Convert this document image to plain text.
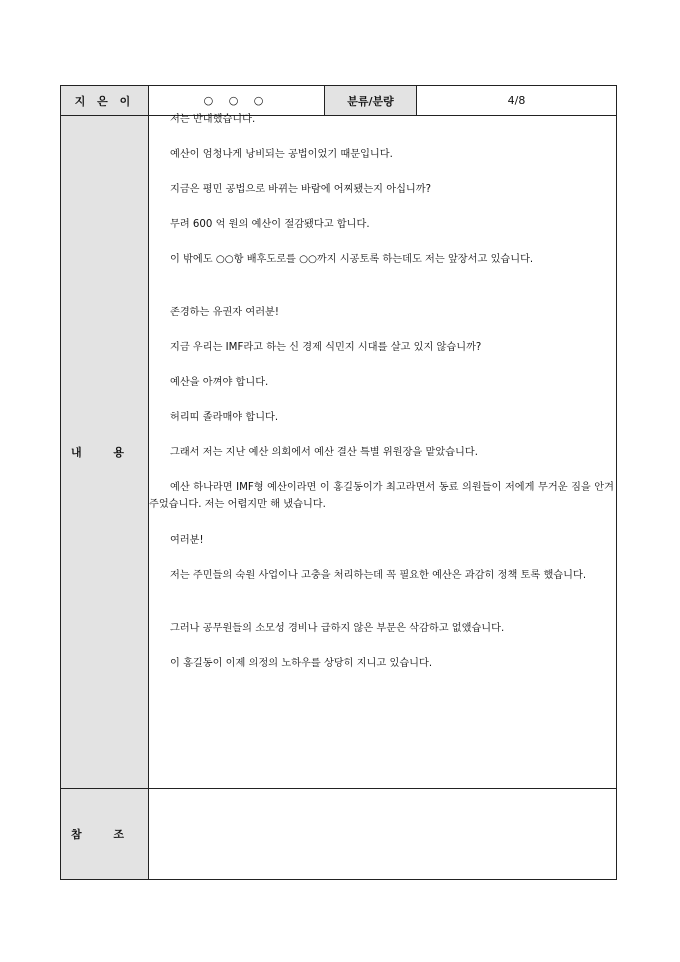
지 은 이	○ ○ ○	분류/분량	4/8
내 용

저는 반대했습니다.

예산이 엄청나게 낭비되는 공법이었기 때문입니다.

지금은 평민 공법으로 바뀌는 바람에 어찌됐는지 아십니까?

무려 600 억 원의 예산이 절감됐다고 합니다.

이 밖에도 ○○항 배후도로를 ○○까지 시공토록 하는데도 저는 앞장서고 있습니다.

존경하는 유권자 여러분!

지금 우리는 IMF라고 하는 신 경제 식민지 시대를 살고 있지 않습니까?

예산을 아껴야 합니다.

허리띠 졸라매야 합니다.

그래서 저는 지난 예산 의회에서 예산 결산 특별 위원장을 맡았습니다.

예산 하나라면 IMF형 예산이라면 이 홍길동이가 최고라면서 동료 의원들이 저에게 무거운 짐을 안겨주었습니다. 저는 어렵지만 해 냈습니다.

여러분!

저는 주민들의 숙원 사업이나 고충을 처리하는데 꼭 필요한 예산은 과감히 정책 토록 했습니다.

그러나 공무원들의 소모성 경비나 급하지 않은 부문은 삭감하고 없앴습니다.

이 홍길동이 이제 의정의 노하우를 상당히 지니고 있습니다.

참 조
